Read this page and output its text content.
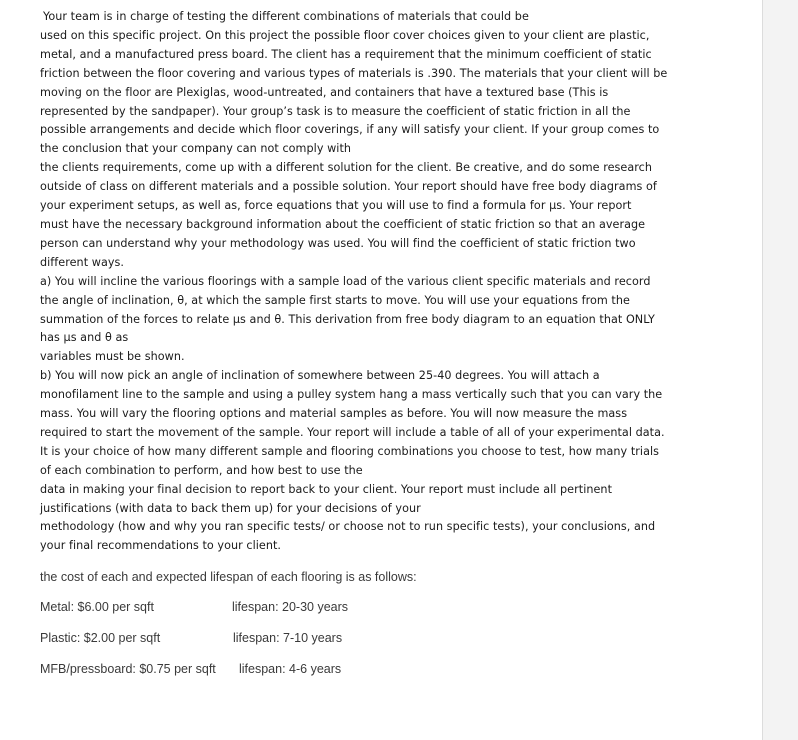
Your team is in charge of testing the different combinations of materials that could be

used on this specific project. On this project the possible floor cover choices given to your client are plastic,

metal, and a manufactured press board. The client has a requirement that the minimum coefficient of static

friction between the floor covering and various types of materials is .390. The materials that your client will be

moving on the floor are Plexiglas, wood-untreated, and containers that have a textured base (This is

represented by the sandpaper). Your group’s task is to measure the coefficient of static friction in all the

possible arrangements and decide which floor coverings, if any will satisfy your client. If your group comes to

the conclusion that your company can not comply with

the clients requirements, come up with a different solution for the client. Be creative, and do some research

outside of class on different materials and a possible solution. Your report should have free body diagrams of

your experiment setups, as well as, force equations that you will use to find a formula for μs. Your report

must have the necessary background information about the coefficient of static friction so that an average

person can understand why your methodology was used. You will find the coefficient of static friction two

different ways.

a) You will incline the various floorings with a sample load of the various client specific materials and record

the angle of inclination, θ, at which the sample first starts to move. You will use your equations from the

summation of the forces to relate μs and θ. This derivation from free body diagram to an equation that ONLY

has μs and θ as

variables must be shown.

b) You will now pick an angle of inclination of somewhere between 25-40 degrees. You will attach a

monofilament line to the sample and using a pulley system hang a mass vertically such that you can vary the

mass. You will vary the flooring options and material samples as before. You will now measure the mass

required to start the movement of the sample. Your report will include a table of all of your experimental data.

It is your choice of how many different sample and flooring combinations you choose to test, how many trials

of each combination to perform, and how best to use the

data in making your final decision to report back to your client. Your report must include all pertinent

justifications (with data to back them up) for your decisions of your

methodology (how and why you ran specific tests/ or choose not to run specific tests), your conclusions, and

your final recommendations to your client.

the cost of each and expected lifespan of each flooring is as follows:

Metal: $6.00 per sqft	lifespan: 20-30 years
Plastic: $2.00 per sqft	lifespan: 7-10 years
MFB/pressboard: $0.75 per sqft lifespan: 4-6 years
